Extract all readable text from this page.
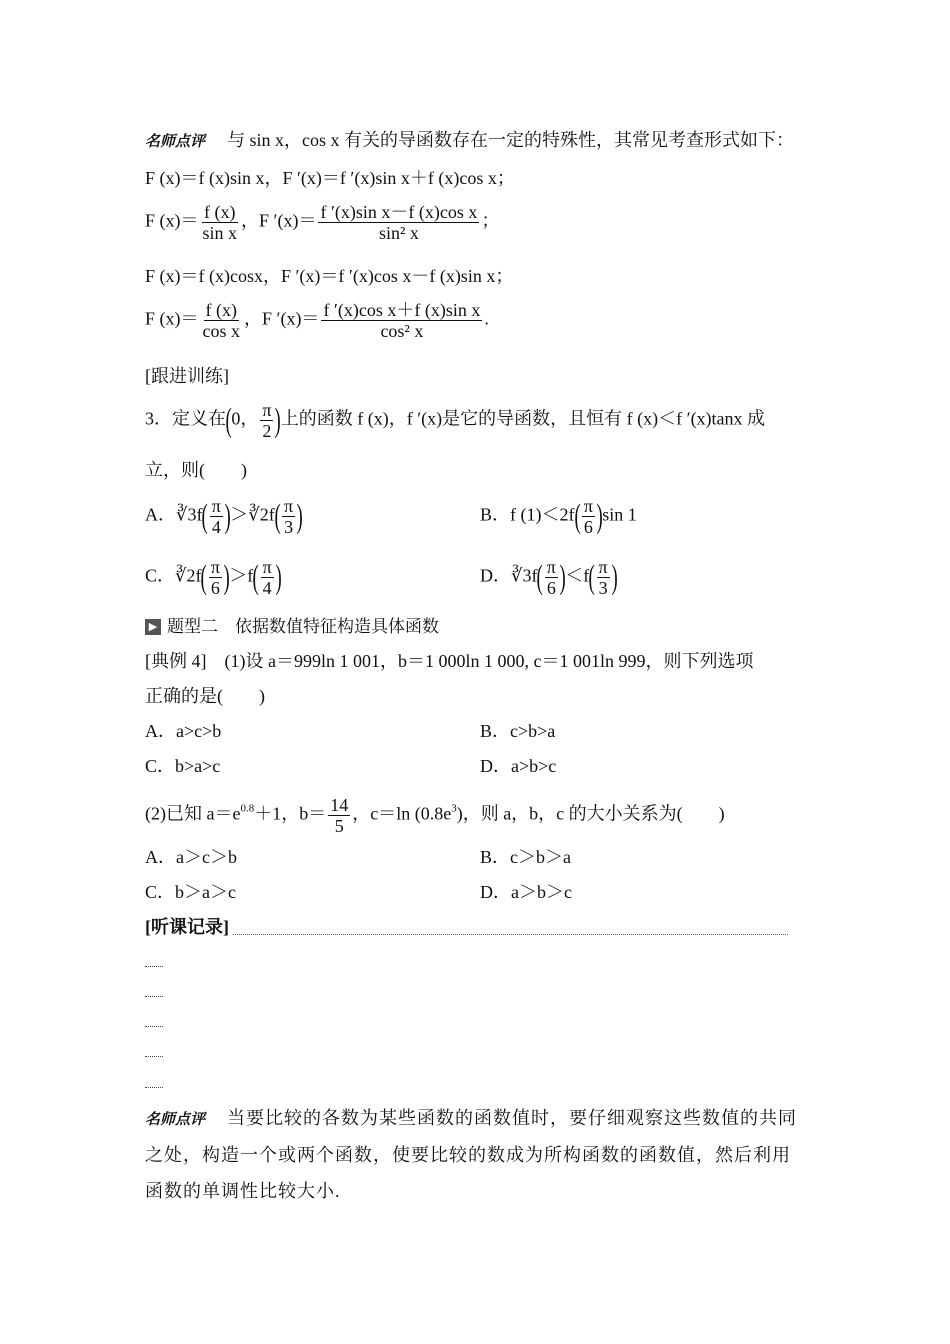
名师点评 与 sin x，cos x 有关的导函数存在一定的特殊性，其常见考查形式如下：
F (x)＝f (x)sin x，F ′(x)＝f ′(x)sin x＋f (x)cos x；
F $(x)= \frac{f (x)}{\text{sin x}}$ ，F $'(x)= \frac{\text{f ′(x)sin x－f (x)cos x}}{\text{sin² x}}$ ；
F (x)＝f (x)cosx，F ′(x)＝f ′(x)cos x－f (x)sin x；
F $(x)= \frac{f (x)}{\text{cos x}}$ ，F $'(x)= \frac{\text{f ′(x)cos x＋f (x)sin x}}{\text{cos² x}}$ .
[跟进训练]
3．定义在(0， $\frac{\pi}{2}$ )上的函数 f (x)，f ′(x)是它的导函数，且恒有 f (x)＜f ′(x)tanx 成
立，则(　　)
A．∛3f( $\frac{\pi}{4}$ )＞∛2f( $\frac{\pi}{3}$ )	B．f $(1)<2f( \frac{\pi}{6} )\sin$ 1
C．∛2f( $\frac{\pi}{6} )>f( \frac{\pi}{4}$ )	D．∛3f( $\frac{\pi}{6} )<f( \frac{\pi}{3}$ )
▶ 题型二　依据数值特征构造具体函数
[典例 4]　(1)设 a＝999ln 1 001，b＝1 000ln 1 000, c＝1 001ln 999，则下列选项
正确的是(　　)
A．a>c>b	B．c>b>a
C．b>a>c	D．a>b>c
(2)已知 $a=e^{0.8}+1$，$b= \frac{14}{5}$ ，c＝ln $(0.8e^3)$，则 a，b，c 的大小关系为(　　)
A．a＞c＞b	B．c＞b＞a
C．b＞a＞c	D．a＞b＞c
[听课记录]
名师点评 当要比较的各数为某些函数的函数值时，要仔细观察这些数值的共同
之处，构造一个或两个函数，使要比较的数成为所构函数的函数值，然后利用
函数的单调性比较大小.
